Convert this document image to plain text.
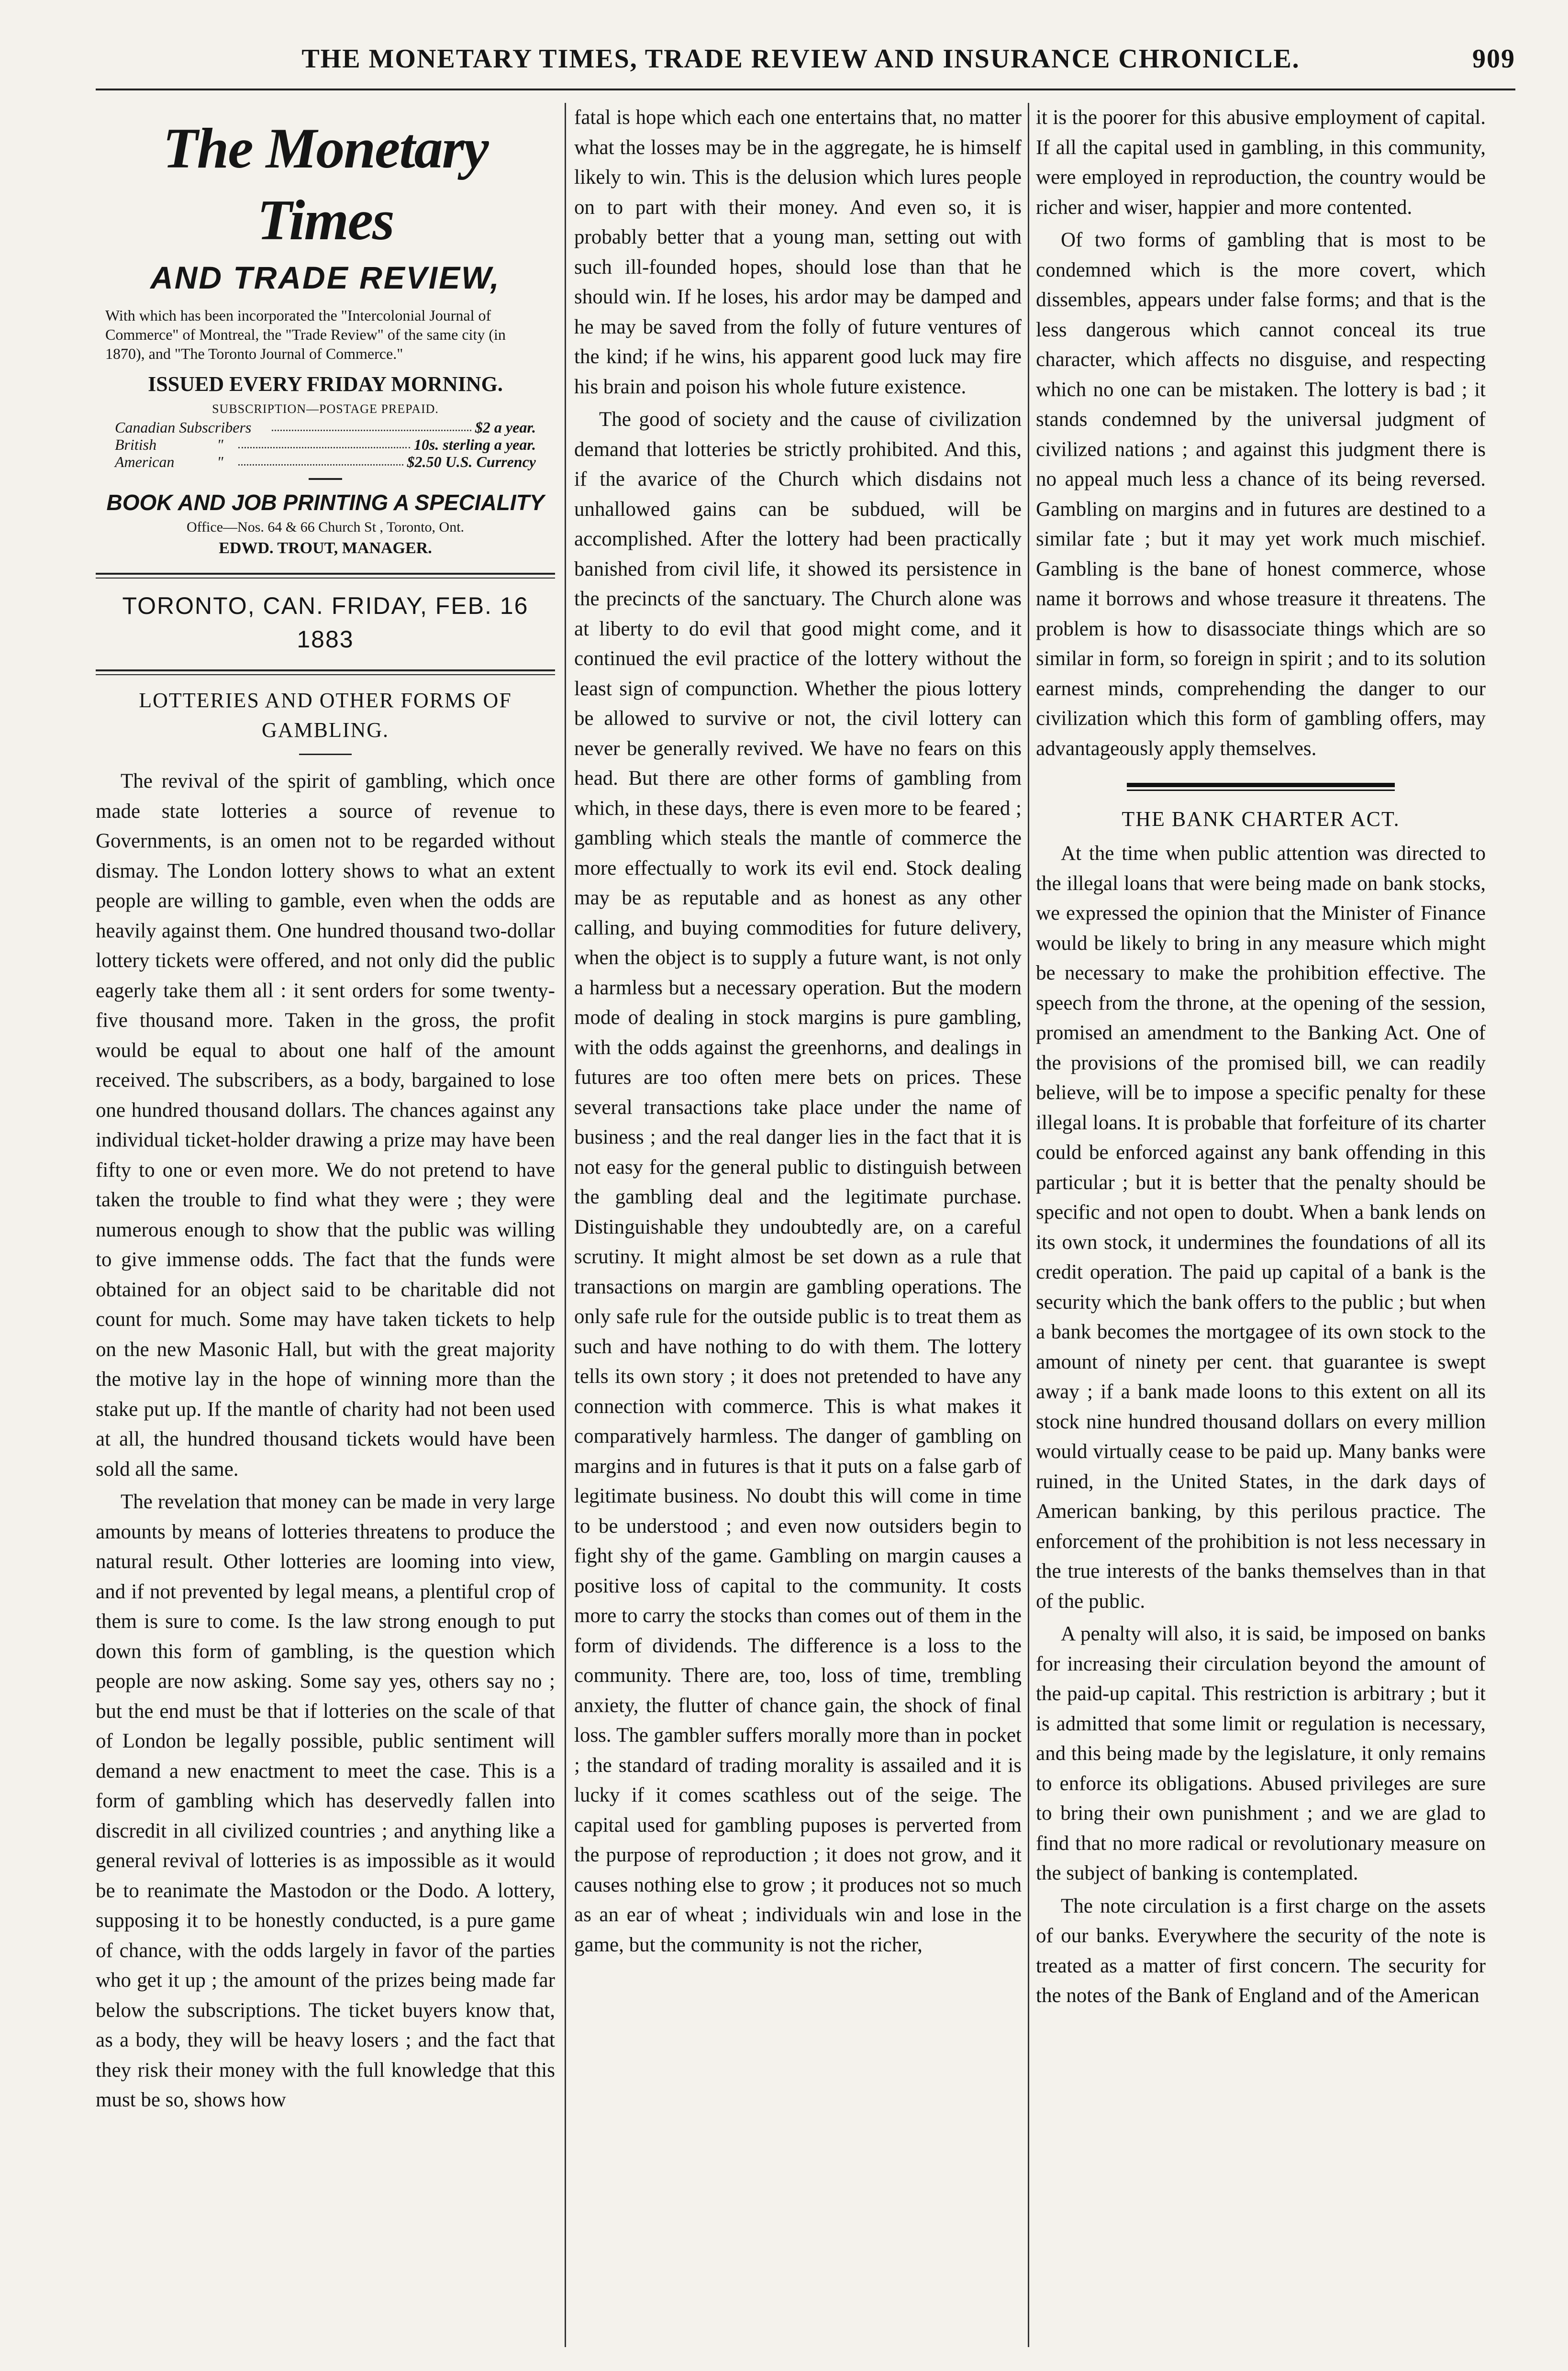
THE MONETARY TIMES, TRADE REVIEW AND INSURANCE CHRONICLE.	909
The Monetary Times
AND TRADE REVIEW,
With which has been incorporated the "Intercolonial Journal of Commerce" of Montreal, the "Trade Review" of the same city (in 1870), and "The Toronto Journal of Commerce."
ISSUED EVERY FRIDAY MORNING.
SUBSCRIPTION—POSTAGE PREPAID.
Canadian Subscribers	$2 a year.
British	"	10s. sterling a year.
American	"	$2.50 U.S. Currency
BOOK AND JOB PRINTING A SPECIALITY
Office—Nos. 64 & 66 Church St , Toronto, Ont.
EDWD. TROUT, MANAGER.
TORONTO, CAN. FRIDAY, FEB. 16 1883
LOTTERIES AND OTHER FORMS OF GAMBLING.

The revival of the spirit of gambling, which once made state lotteries a source of revenue to Governments, is an omen not to be regarded without dismay. The London lottery shows to what an extent people are willing to gamble, even when the odds are heavily against them. One hundred thousand two-dollar lottery tickets were offered, and not only did the public eagerly take them all : it sent orders for some twenty-five thousand more. Taken in the gross, the profit would be equal to about one half of the amount received. The subscribers, as a body, bargained to lose one hundred thousand dollars. The chances against any individual ticket-holder drawing a prize may have been fifty to one or even more. We do not pretend to have taken the trouble to find what they were ; they were numerous enough to show that the public was willing to give immense odds. The fact that the funds were obtained for an object said to be charitable did not count for much. Some may have taken tickets to help on the new Masonic Hall, but with the great majority the motive lay in the hope of winning more than the stake put up. If the mantle of charity had not been used at all, the hundred thousand tickets would have been sold all the same.

The revelation that money can be made in very large amounts by means of lotteries threatens to produce the natural result. Other lotteries are looming into view, and if not prevented by legal means, a plentiful crop of them is sure to come. Is the law strong enough to put down this form of gambling, is the question which people are now asking. Some say yes, others say no ; but the end must be that if lotteries on the scale of that of London be legally possible, public sentiment will demand a new enactment to meet the case. This is a form of gambling which has deservedly fallen into discredit in all civilized countries ; and anything like a general revival of lotteries is as impossible as it would be to reanimate the Mastodon or the Dodo. A lottery, supposing it to be honestly conducted, is a pure game of chance, with the odds largely in favor of the parties who get it up ; the amount of the prizes being made far below the subscriptions. The ticket buyers know that, as a body, they will be heavy losers ; and the fact that they risk their money with the full knowledge that this must be so, shows how

fatal is hope which each one entertains that, no matter what the losses may be in the aggregate, he is himself likely to win. This is the delusion which lures people on to part with their money. And even so, it is probably better that a young man, setting out with such ill-founded hopes, should lose than that he should win. If he loses, his ardor may be damped and he may be saved from the folly of future ventures of the kind; if he wins, his apparent good luck may fire his brain and poison his whole future existence.

The good of society and the cause of civilization demand that lotteries be strictly prohibited. And this, if the avarice of the Church which disdains not unhallowed gains can be subdued, will be accomplished. After the lottery had been practically banished from civil life, it showed its persistence in the precincts of the sanctuary. The Church alone was at liberty to do evil that good might come, and it continued the evil practice of the lottery without the least sign of compunction. Whether the pious lottery be allowed to survive or not, the civil lottery can never be generally revived. We have no fears on this head. But there are other forms of gambling from which, in these days, there is even more to be feared ; gambling which steals the mantle of commerce the more effectually to work its evil end. Stock dealing may be as reputable and as honest as any other calling, and buying commodities for future delivery, when the object is to supply a future want, is not only a harmless but a necessary operation. But the modern mode of dealing in stock margins is pure gambling, with the odds against the greenhorns, and dealings in futures are too often mere bets on prices. These several transactions take place under the name of business ; and the real danger lies in the fact that it is not easy for the general public to distinguish between the gambling deal and the legitimate purchase. Distinguishable they undoubtedly are, on a careful scrutiny. It might almost be set down as a rule that transactions on margin are gambling operations. The only safe rule for the outside public is to treat them as such and have nothing to do with them. The lottery tells its own story ; it does not pretended to have any connection with commerce. This is what makes it comparatively harmless. The danger of gambling on margins and in futures is that it puts on a false garb of legitimate business. No doubt this will come in time to be understood ; and even now outsiders begin to fight shy of the game. Gambling on margin causes a positive loss of capital to the community. It costs more to carry the stocks than comes out of them in the form of dividends. The difference is a loss to the community. There are, too, loss of time, trembling anxiety, the flutter of chance gain, the shock of final loss. The gambler suffers morally more than in pocket ; the standard of trading morality is assailed and it is lucky if it comes scathless out of the seige. The capital used for gambling puposes is perverted from the purpose of reproduction ; it does not grow, and it causes nothing else to grow ; it produces not so much as an ear of wheat ; individuals win and lose in the game, but the community is not the richer,

it is the poorer for this abusive employment of capital. If all the capital used in gambling, in this community, were employed in reproduction, the country would be richer and wiser, happier and more contented.

Of two forms of gambling that is most to be condemned which is the more covert, which dissembles, appears under false forms; and that is the less dangerous which cannot conceal its true character, which affects no disguise, and respecting which no one can be mistaken. The lottery is bad ; it stands condemned by the universal judgment of civilized nations ; and against this judgment there is no appeal much less a chance of its being reversed. Gambling on margins and in futures are destined to a similar fate ; but it may yet work much mischief. Gambling is the bane of honest commerce, whose name it borrows and whose treasure it threatens. The problem is how to disassociate things which are so similar in form, so foreign in spirit ; and to its solution earnest minds, comprehending the danger to our civilization which this form of gambling offers, may advantageously apply themselves.

THE BANK CHARTER ACT.

At the time when public attention was directed to the illegal loans that were being made on bank stocks, we expressed the opinion that the Minister of Finance would be likely to bring in any measure which might be necessary to make the prohibition effective. The speech from the throne, at the opening of the session, promised an amendment to the Banking Act. One of the provisions of the promised bill, we can readily believe, will be to impose a specific penalty for these illegal loans. It is probable that forfeiture of its charter could be enforced against any bank offending in this particular ; but it is better that the penalty should be specific and not open to doubt. When a bank lends on its own stock, it undermines the foundations of all its credit operation. The paid up capital of a bank is the security which the bank offers to the public ; but when a bank becomes the mortgagee of its own stock to the amount of ninety per cent. that guarantee is swept away ; if a bank made loons to this extent on all its stock nine hundred thousand dollars on every million would virtually cease to be paid up. Many banks were ruined, in the United States, in the dark days of American banking, by this perilous practice. The enforcement of the prohibition is not less necessary in the true interests of the banks themselves than in that of the public.

A penalty will also, it is said, be imposed on banks for increasing their circulation beyond the amount of the paid-up capital. This restriction is arbitrary ; but it is admitted that some limit or regulation is necessary, and this being made by the legislature, it only remains to enforce its obligations. Abused privileges are sure to bring their own punishment ; and we are glad to find that no more radical or revolutionary measure on the subject of banking is contemplated.

The note circulation is a first charge on the assets of our banks. Everywhere the security of the note is treated as a matter of first concern. The security for the notes of the Bank of England and of the American
